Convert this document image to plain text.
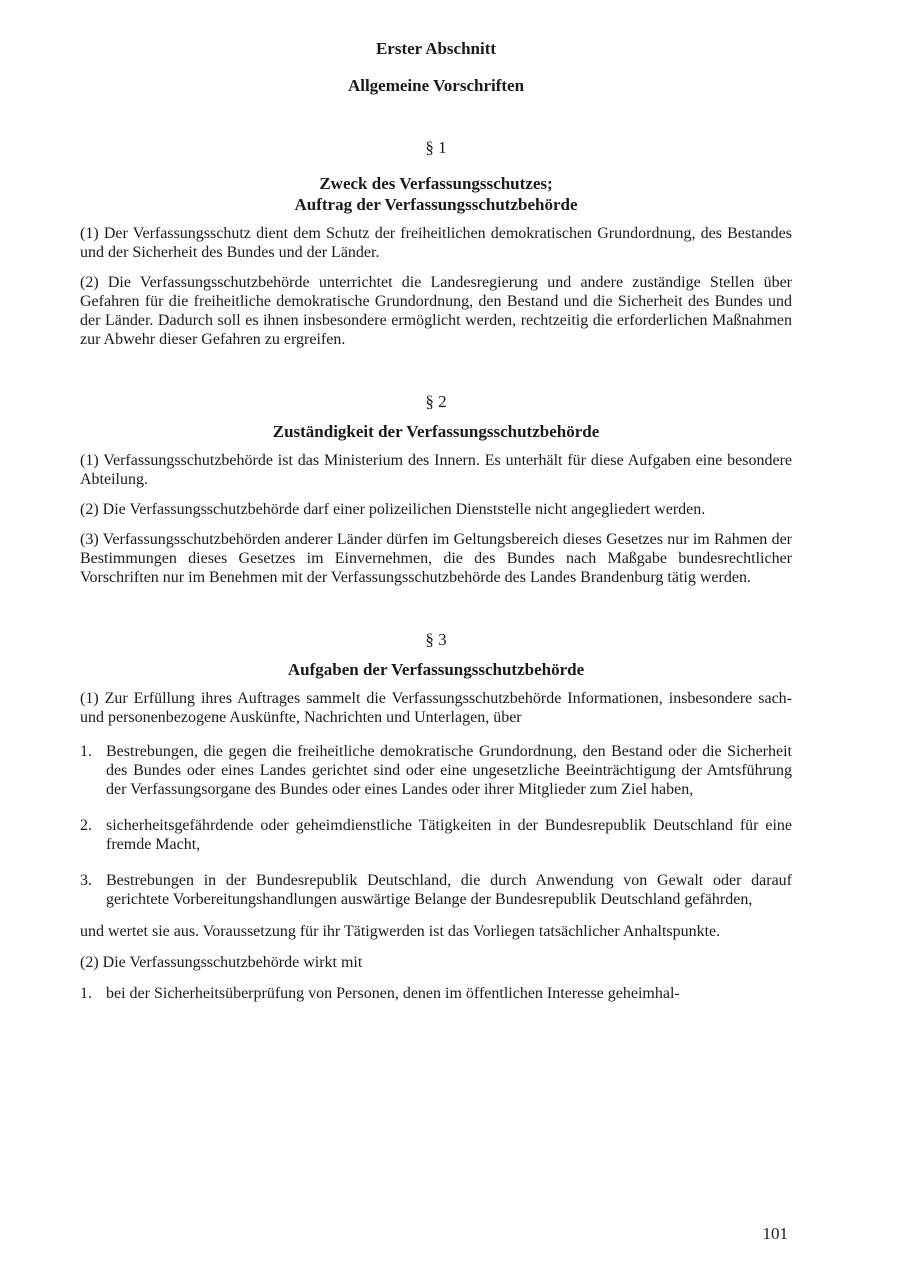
Erster Abschnitt
Allgemeine Vorschriften
§ 1
Zweck des Verfassungsschutzes;
Auftrag der Verfassungsschutzbehörde

(1) Der Verfassungsschutz dient dem Schutz der freiheitlichen demokratischen Grundordnung, des Bestandes und der Sicherheit des Bundes und der Länder.

(2) Die Verfassungsschutzbehörde unterrichtet die Landesregierung und andere zuständige Stellen über Gefahren für die freiheitliche demokratische Grundordnung, den Bestand und die Sicherheit des Bundes und der Länder. Dadurch soll es ihnen insbesondere ermöglicht werden, rechtzeitig die erforderlichen Maßnahmen zur Abwehr dieser Gefahren zu ergreifen.

§ 2
Zuständigkeit der Verfassungsschutzbehörde

(1) Verfassungsschutzbehörde ist das Ministerium des Innern. Es unterhält für diese Aufgaben eine besondere Abteilung.

(2) Die Verfassungsschutzbehörde darf einer polizeilichen Dienststelle nicht angegliedert werden.

(3) Verfassungsschutzbehörden anderer Länder dürfen im Geltungsbereich dieses Gesetzes nur im Rahmen der Bestimmungen dieses Gesetzes im Einvernehmen, die des Bundes nach Maßgabe bundesrechtlicher Vorschriften nur im Benehmen mit der Verfassungsschutzbehörde des Landes Brandenburg tätig werden.

§ 3
Aufgaben der Verfassungsschutzbehörde

(1) Zur Erfüllung ihres Auftrages sammelt die Verfassungsschutzbehörde Informationen, insbesondere sach- und personenbezogene Auskünfte, Nachrichten und Unterlagen, über

1. Bestrebungen, die gegen die freiheitliche demokratische Grundordnung, den Bestand oder die Sicherheit des Bundes oder eines Landes gerichtet sind oder eine ungesetzliche Beeinträchtigung der Amtsführung der Verfassungsorgane des Bundes oder eines Landes oder ihrer Mitglieder zum Ziel haben,
2. sicherheitsgefährdende oder geheimdienstliche Tätigkeiten in der Bundesrepublik Deutschland für eine fremde Macht,
3. Bestrebungen in der Bundesrepublik Deutschland, die durch Anwendung von Gewalt oder darauf gerichtete Vorbereitungshandlungen auswärtige Belange der Bundesrepublik Deutschland gefährden,

und wertet sie aus. Voraussetzung für ihr Tätigwerden ist das Vorliegen tatsächlicher Anhaltspunkte.

(2) Die Verfassungsschutzbehörde wirkt mit

1. bei der Sicherheitsüberprüfung von Personen, denen im öffentlichen Interesse geheimhal-
101
